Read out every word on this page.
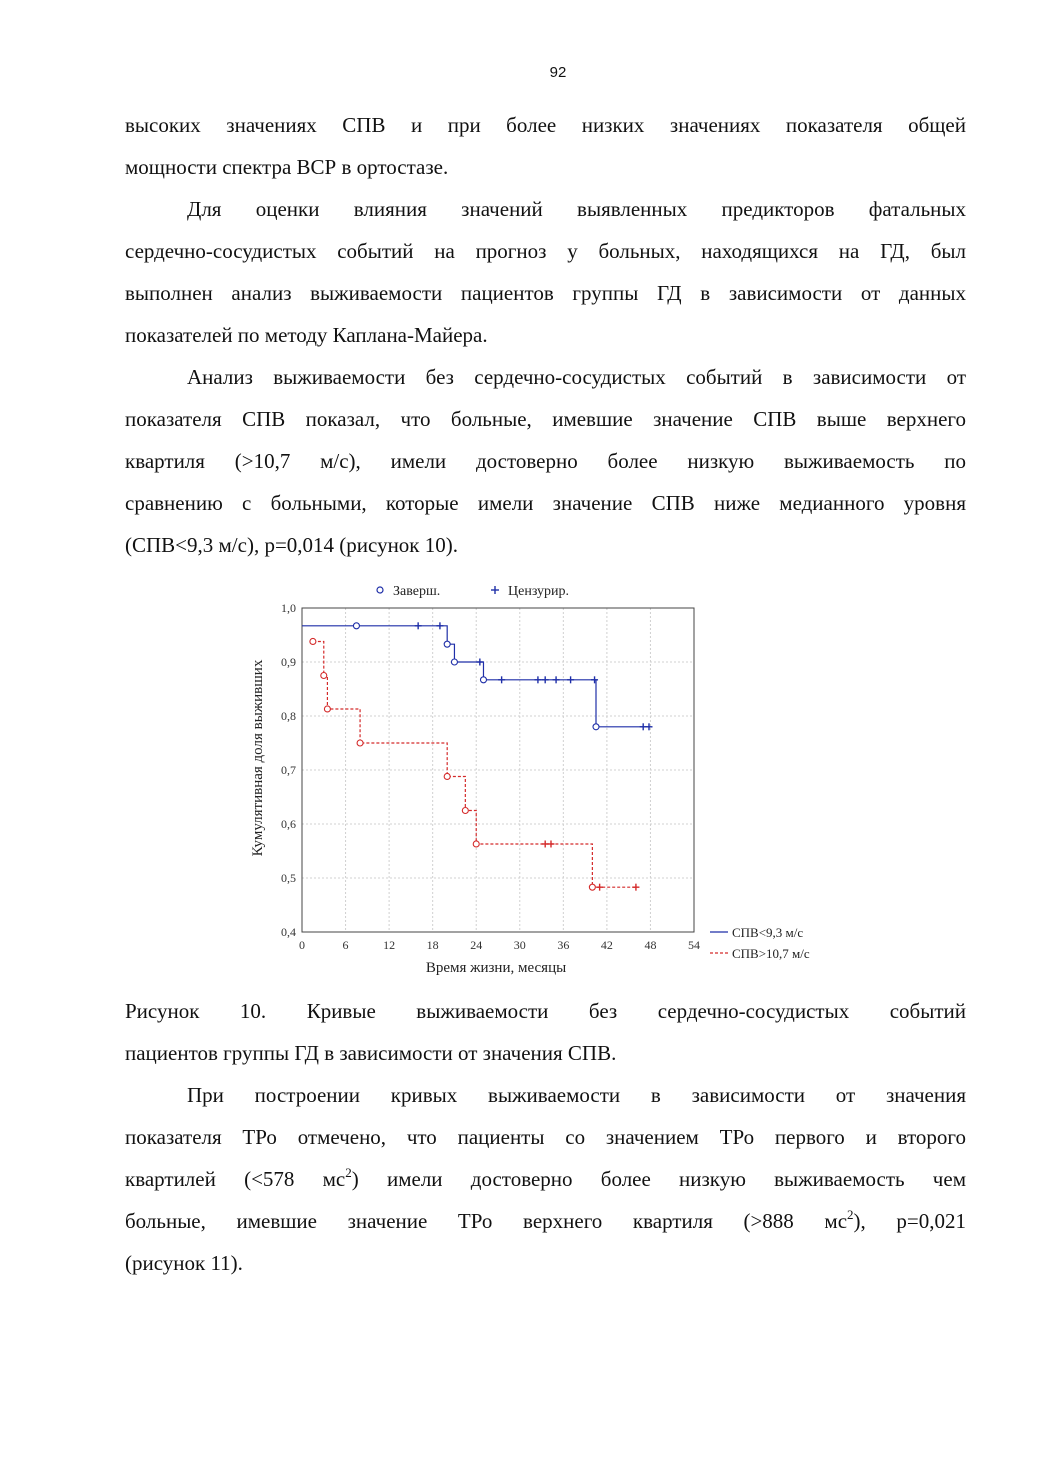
92

высоких значениях СПВ и при более низких значениях показателя общей

мощности спектра ВСР в ортостазе.

Для оценки влияния значений выявленных предикторов фатальных

сердечно-сосудистых событий на прогноз у больных, находящихся на ГД, был

выполнен анализ выживаемости пациентов группы ГД в зависимости от данных

показателей по методу Каплана-Майера.

Анализ выживаемости без сердечно-сосудистых событий в зависимости от

показателя СПВ показал, что больные, имевшие значение СПВ выше верхнего

квартиля (>10,7 м/с), имели достоверно более низкую выживаемость по

сравнению с больными, которые имели значение СПВ ниже медианного уровня

(СПВ<9,3 м/с), p=0,014 (рисунок 10).

0	6	12	18	24	30	36	42	48	54
0,4
0,5
0,6
0,7
0,8
0,9
1,0
Заверш.	Цензурир.
Время жизни, месяцы
Кумулятивная доля выживших
СПВ<9,3 м/с
СПВ>10,7 м/с

Рисунок 10. Кривые выживаемости без сердечно-сосудистых событий

пациентов группы ГД в зависимости от значения СПВ.

При построении кривых выживаемости в зависимости от значения

показателя ТРо отмечено, что пациенты со значением ТРо первого и второго

квартилей (<578 $мс^2$) имели достоверно более низкую выживаемость чем

больные, имевшие значение ТРо верхнего квартиля (>888 $мс^2$), p=0,021

(рисунок 11).
